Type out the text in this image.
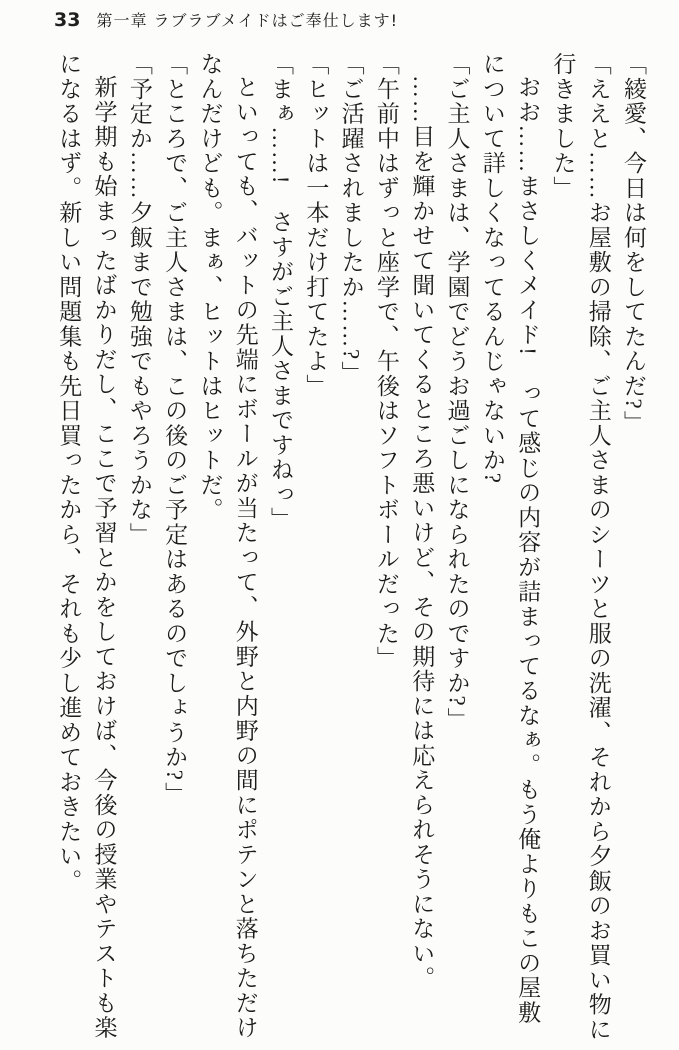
33 第一章 ラブラブメイドはご奉仕します!
「綾愛、今日は何をしてたんだ?」
「ええと……お屋敷の掃除、ご主人さまのシーツと服の洗濯、それから夕飯のお買い物に
行きました」
おお……まさしくメイド!　って感じの内容が詰まってるなぁ。もう俺よりもこの屋敷
について詳しくなってるんじゃないか?
「ご主人さまは、学園でどうお過ごしになられたのですか?」
……目を輝かせて聞いてくるところ悪いけど、その期待には応えられそうにない。
「午前中はずっと座学で、午後はソフトボールだった」
「ご活躍されましたか……?」
「ヒットは一本だけ打てたよ」
「まぁ……!　さすがご主人さまですねっ」
といっても、バットの先端にボールが当たって、外野と内野の間にポテンと落ちただけ
なんだけども。まぁ、ヒットはヒットだ。
「ところで、ご主人さまは、この後のご予定はあるのでしょうか?」
「予定か……夕飯まで勉強でもやろうかな」
新学期も始まったばかりだし、ここで予習とかをしておけば、今後の授業やテストも楽
になるはず。新しい問題集も先日買ったから、それも少し進めておきたい。
